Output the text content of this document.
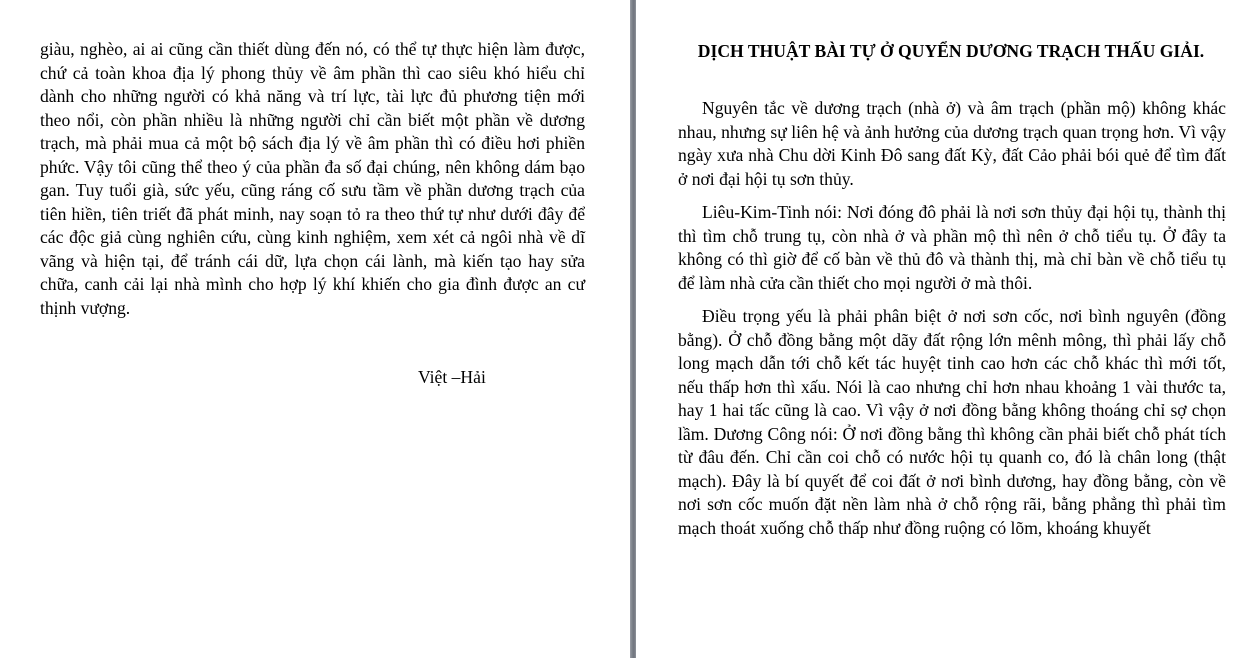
giàu, nghèo, ai ai cũng cần thiết dùng đến nó, có thể tự thực hiện làm được, chứ cả toàn khoa địa lý phong thủy về âm phần thì cao siêu khó hiểu chỉ dành cho những người có khả năng và trí lực, tài lực đủ phương tiện mới theo nổi, còn phần nhiều là những người chỉ cần biết một phần về dương trạch, mà phải mua cả một bộ sách địa lý về âm phần thì có điều hơi phiền phức. Vậy tôi cũng thể theo ý của phần đa số đại chúng, nên không dám bạo gan. Tuy tuổi già, sức yếu, cũng ráng cố sưu tầm về phần dương trạch của tiên hiền, tiên triết đã phát minh, nay soạn tỏ ra theo thứ tự như dưới đây để các độc giả cùng nghiên cứu, cùng kinh nghiệm, xem xét cả ngôi nhà về dĩ vãng và hiện tại, để tránh cái dữ, lựa chọn cái lành, mà kiến tạo hay sửa chữa, canh cải lại nhà mình cho hợp lý khí khiến cho gia đình được an cư thịnh vượng.

Việt –Hải
DỊCH THUẬT BÀI TỰ Ở QUYỂN DƯƠNG TRẠCH THẤU GIẢI.

Nguyên tắc về dương trạch (nhà ở) và âm trạch (phần mộ) không khác nhau, nhưng sự liên hệ và ảnh hưởng của dương trạch quan trọng hơn. Vì vậy ngày xưa nhà Chu dời Kinh Đô sang đất Kỳ, đất Cảo phải bói quẻ để tìm đất ở nơi đại hội tụ sơn thủy.

Liêu-Kim-Tinh nói: Nơi đóng đô phải là nơi sơn thủy đại hội tụ, thành thị thì tìm chỗ trung tụ, còn nhà ở và phần mộ thì nên ở chỗ tiểu tụ. Ở đây ta không có thì giờ để cố bàn về thủ đô và thành thị, mà chỉ bàn về chỗ tiểu tụ để làm nhà cửa cần thiết cho mọi người ở mà thôi.

Điều trọng yếu là phải phân biệt ở nơi sơn cốc, nơi bình nguyên (đồng bằng). Ở chỗ đồng bằng một dãy đất rộng lớn mênh mông, thì phải lấy chỗ long mạch dẫn tới chỗ kết tác huyệt tinh cao hơn các chỗ khác thì mới tốt, nếu thấp hơn thì xấu. Nói là cao nhưng chỉ hơn nhau khoảng 1 vài thước ta, hay 1 hai tấc cũng là cao. Vì vậy ở nơi đồng bằng không thoáng chỉ sợ chọn lầm. Dương Công nói: Ở nơi đồng bằng thì không cần phải biết chỗ phát tích từ đâu đến. Chỉ cần coi chỗ có nước hội tụ quanh co, đó là chân long (thật mạch). Đây là bí quyết để coi đất ở nơi bình dương, hay đồng bằng, còn về nơi sơn cốc muốn đặt nền làm nhà ở chỗ rộng rãi, bằng phẳng thì phải tìm mạch thoát xuống chỗ thấp như đồng ruộng có lõm, khoáng khuyết
